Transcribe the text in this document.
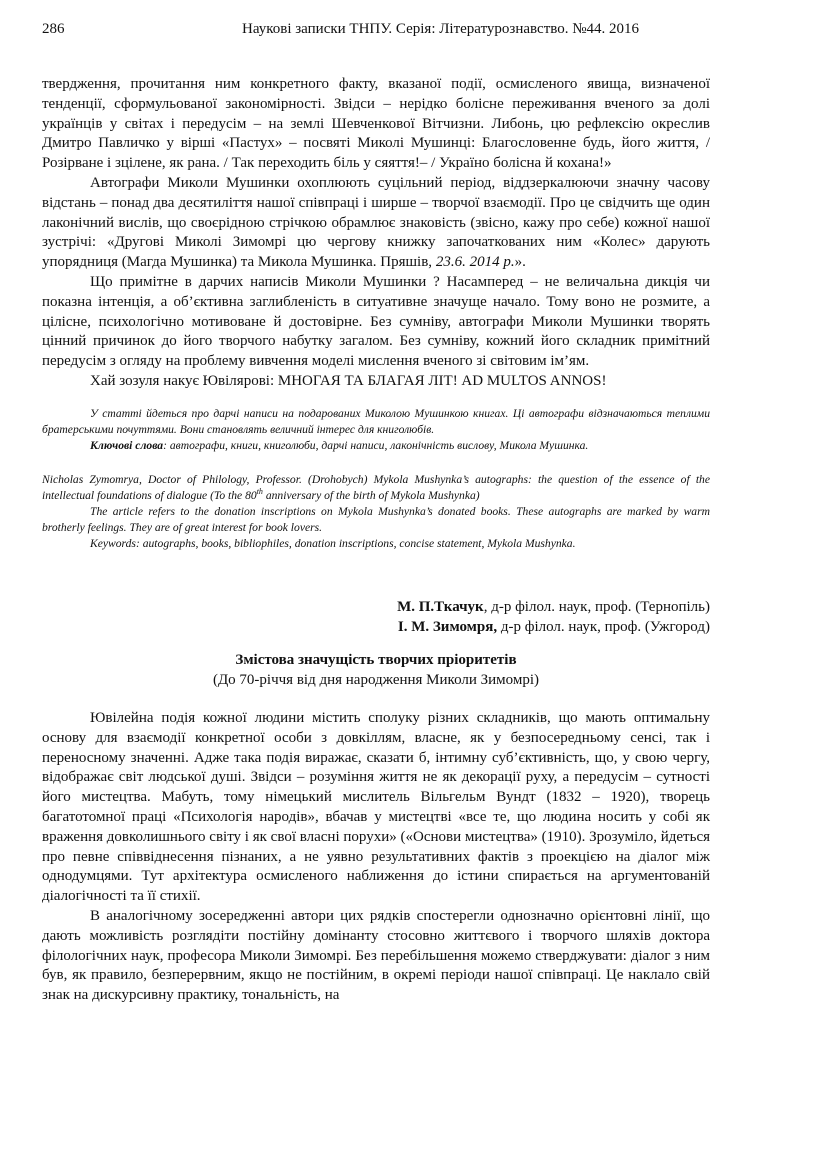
286	Наукові записки ТНПУ. Серія: Літературознавство. №44. 2016

твердження, прочитання ним конкретного факту, вказаної події, осмисленого явища, визначеної тенденції, сформульованої закономірності. Звідси – нерідко болісне переживання вченого за долі українців у світах і передусім – на землі Шевченкової Вітчизни. Либонь, цю рефлексію окреслив Дмитро Павличко у вірші «Пастух» – посвяті Миколі Мушинці: Благословенне будь, його життя, / Розірване і зцілене, як рана. / Так переходить біль у сяяття!– / Україно болісна й кохана!»

Автографи Миколи Мушинки охоплюють суцільний період, віддзеркалюючи значну часову відстань – понад два десятиліття нашої співпраці і ширше – творчої взаємодії. Про це свідчить ще один лаконічний вислів, що своєрідною стрічкою обрамлює знаковість (звісно, кажу про себе) кожної нашої зустрічі: «Другові Миколі Зимомрі цю чергову книжку започаткованих ним «Колес» дарують упорядниця (Магда Мушинка) та Микола Мушинка. Пряшів, 23.6. 2014 р.».

Що примітне в дарчих написів Миколи Мушинки ? Насамперед – не величальна дикція чи показна інтенція, а об’єктивна заглибленість в ситуативне значуще начало. Тому воно не розмите, а цілісне, психологічно мотивоване й достовірне. Без сумніву, автографи Миколи Мушинки творять цінний причинок до його творчого набутку загалом. Без сумніву, кожний його складник примітний передусім з огляду на проблему вивчення моделі мислення вченого зі світовим ім’ям.

Хай зозуля накує Ювілярові: МНОГАЯ ТА БЛАГАЯ ЛІТ! AD MULTOS ANNOS!

У статті йдеться про дарчі написи на подарованих Миколою Мушинкою книгах. Ці автографи відзначаються теплими братерськими почуттями. Вони становлять величний інтерес для книголюбів.

Ключові слова: автографи, книги, книголюби, дарчі написи, лаконічність вислову, Микола Мушинка.

Nicholas Zymomrya, Doctor of Philology, Professor. (Drohobych) Mykola Mushynka’s autographs: the question of the essence of the intellectual foundations of dialogue (To the 80th anniversary of the birth of Mykola Mushynka)

The article refers to the donation inscriptions on Mykola Mushynka’s donated books. These autographs are marked by warm brotherly feelings. They are of great interest for book lovers.

Keywords: autographs, books, bibliophiles, donation inscriptions, concise statement, Mykola Mushynka.

М. П.Ткачук, д-р філол. наук, проф. (Тернопіль)

І. М. Зимомря, д-р філол. наук, проф. (Ужгород)

Змістова значущість творчих пріоритетів

(До 70-річчя від дня народження Миколи Зимомрі)

Ювілейна подія кожної людини містить сполуку різних складників, що мають оптимальну основу для взаємодії конкретної особи з довкіллям, власне, як у безпосередньому сенсі, так і переносному значенні. Адже така подія виражає, сказати б, інтимну суб’єктивність, що, у свою чергу, відображає світ людської душі. Звідси – розуміння життя не як декорації руху, а передусім – сутності його мистецтва. Мабуть, тому німецький мислитель Вільгельм Вундт (1832 – 1920), творець багатотомної праці «Психологія народів», вбачав у мистецтві «все те, що людина носить у собі як враження довколишнього світу і як свої власні порухи» («Основи мистецтва» (1910). Зрозуміло, йдеться про певне співвіднесення пізнаних, а не уявно результативних фактів з проекцією на діалог між однодумцями. Тут архітектура осмисленого наближення до істини спирається на аргументованій діалогічності та її стихії.

В аналогічному зосередженні автори цих рядків спостерегли однозначно орієнтовні лінії, що дають можливість розглядіти постійну домінанту стосовно життєвого і творчого шляхів доктора філологічних наук, професора Миколи Зимомрі. Без перебільшення можемо стверджувати: діалог з ним був, як правило, безперервним, якщо не постійним, в окремі періоди нашої співпраці. Це наклало свій знак на дискурсивну практику, тональність, на
